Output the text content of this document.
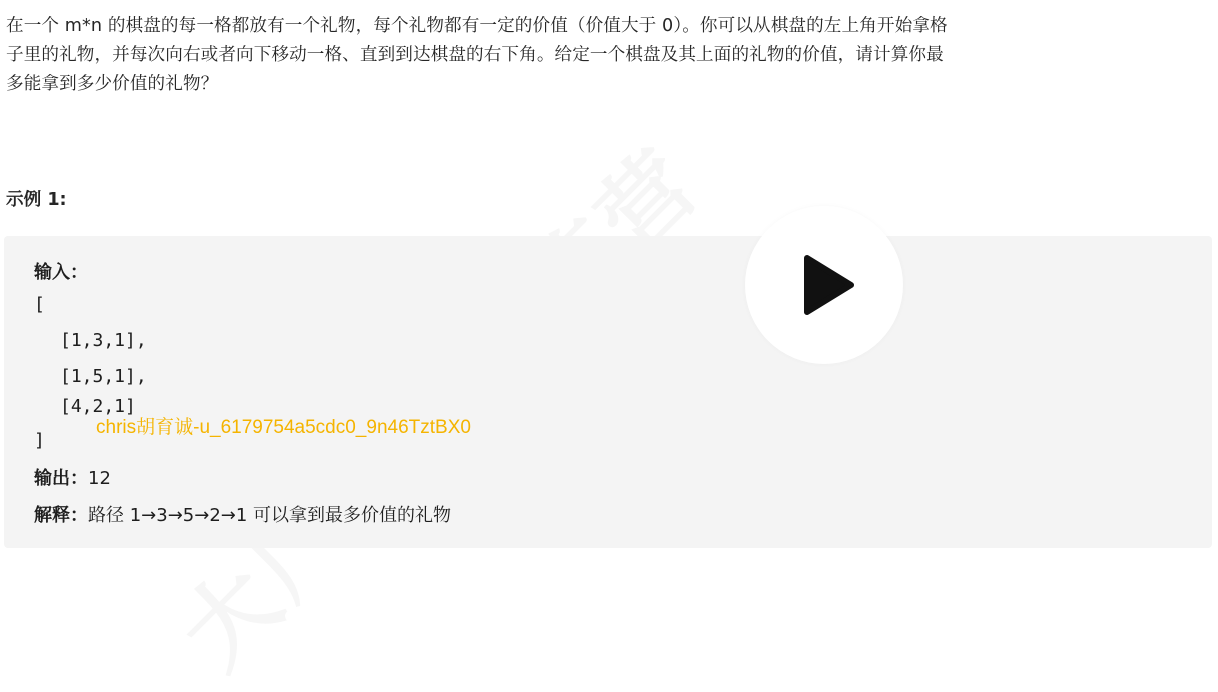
在一个 m*n 的棋盘的每一格都放有一个礼物，每个礼物都有一定的价值（价值大于 0）。你可以从棋盘的左上角开始拿格

子里的礼物，并每次向右或者向下移动一格、直到到达棋盘的右下角。给定一个棋盘及其上面的礼物的价值，请计算你最

多能拿到多少价值的礼物？

示例 1:
输入：
[
[1,3,1],
[1,5,1],
[4,2,1]
]
输出：12
解释：路径 1→3→5→2→1 可以拿到最多价值的礼物
chris胡育诚-u_6179754a5cdc0_9n46TztBX0
